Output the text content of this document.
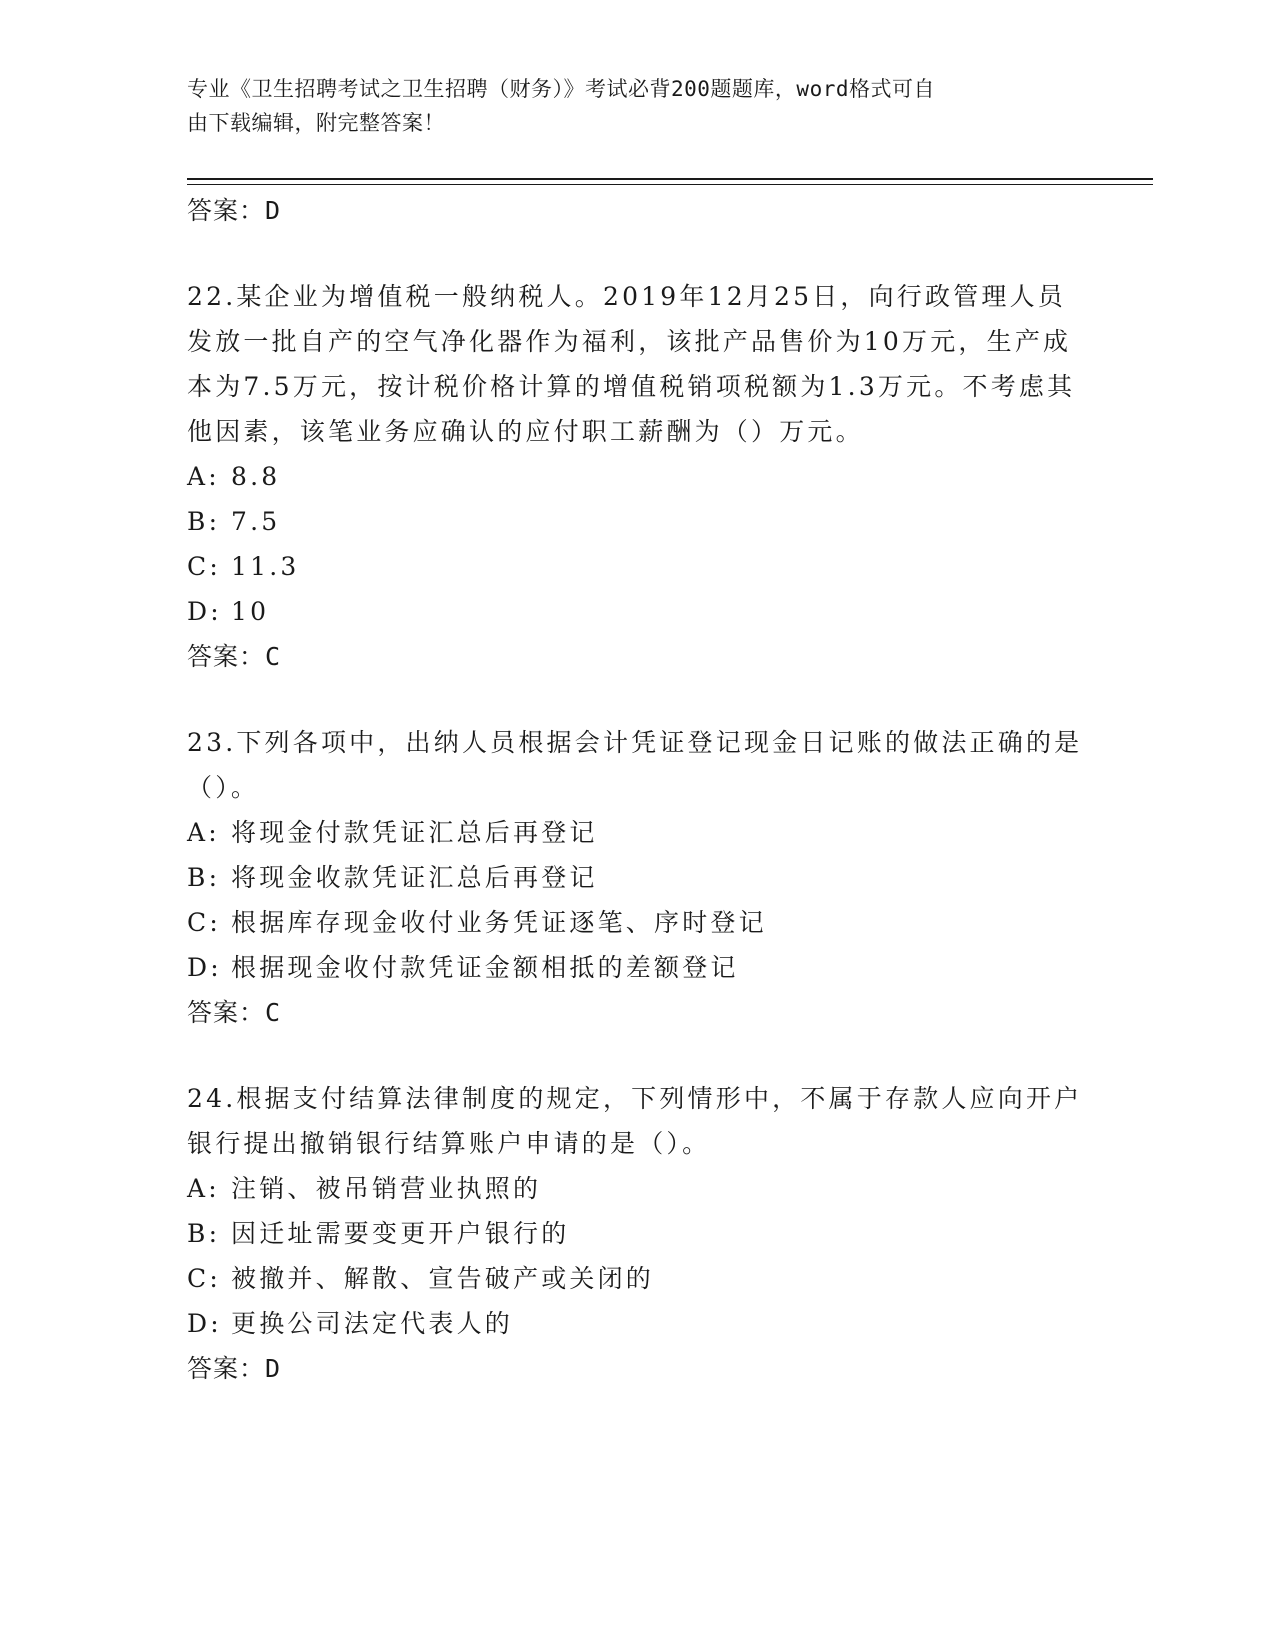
专业《卫生招聘考试之卫生招聘（财务）》考试必背200题题库，word格式可自
由下载编辑，附完整答案！
答案：D
22.某企业为增值税一般纳税人。2019年12月25日，向行政管理人员发放一批自产的空气净化器作为福利，该批产品售价为10万元，生产成本为7.5万元，按计税价格计算的增值税销项税额为1.3万元。不考虑其他因素，该笔业务应确认的应付职工薪酬为（）万元。
A: 8.8
B: 7.5
C: 11.3
D: 10
答案：C
23.下列各项中，出纳人员根据会计凭证登记现金日记账的做法正确的是（）。
A: 将现金付款凭证汇总后再登记
B: 将现金收款凭证汇总后再登记
C: 根据库存现金收付业务凭证逐笔、序时登记
D: 根据现金收付款凭证金额相抵的差额登记
答案：C
24.根据支付结算法律制度的规定，下列情形中，不属于存款人应向开户银行提出撤销银行结算账户申请的是（）。
A: 注销、被吊销营业执照的
B: 因迁址需要变更开户银行的
C: 被撤并、解散、宣告破产或关闭的
D: 更换公司法定代表人的
答案：D
